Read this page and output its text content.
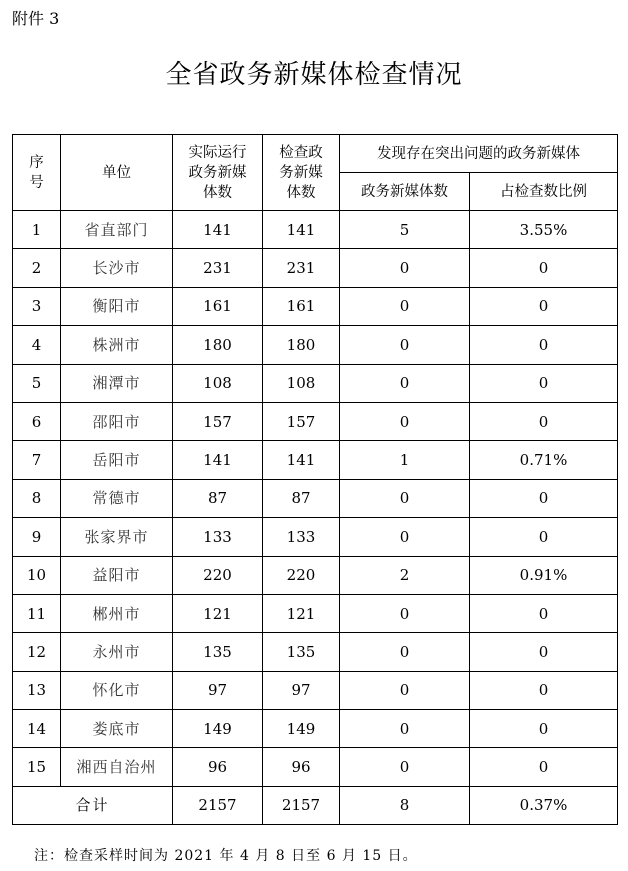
附件 3
全省政务新媒体检查情况
序号	单位	实际运行政务新媒体数	检查政务新媒体数	发现存在突出问题的政务新媒体	
				政务新媒体数	占检查数比例
1	省直部门	141	141	5	3.55%
2	长沙市	231	231	0	0
3	衡阳市	161	161	0	0
4	株洲市	180	180	0	0
5	湘潭市	108	108	0	0
6	邵阳市	157	157	0	0
7	岳阳市	141	141	1	0.71%
8	常德市	87	87	0	0
9	张家界市	133	133	0	0
10	益阳市	220	220	2	0.91%
11	郴州市	121	121	0	0
12	永州市	135	135	0	0
13	怀化市	97	97	0	0
14	娄底市	149	149	0	0
15	湘西自治州	96	96	0	0
合计		2157	2157	8	0.37%
注：检查采样时间为 2021 年 4 月 8 日至 6 月 15 日。
